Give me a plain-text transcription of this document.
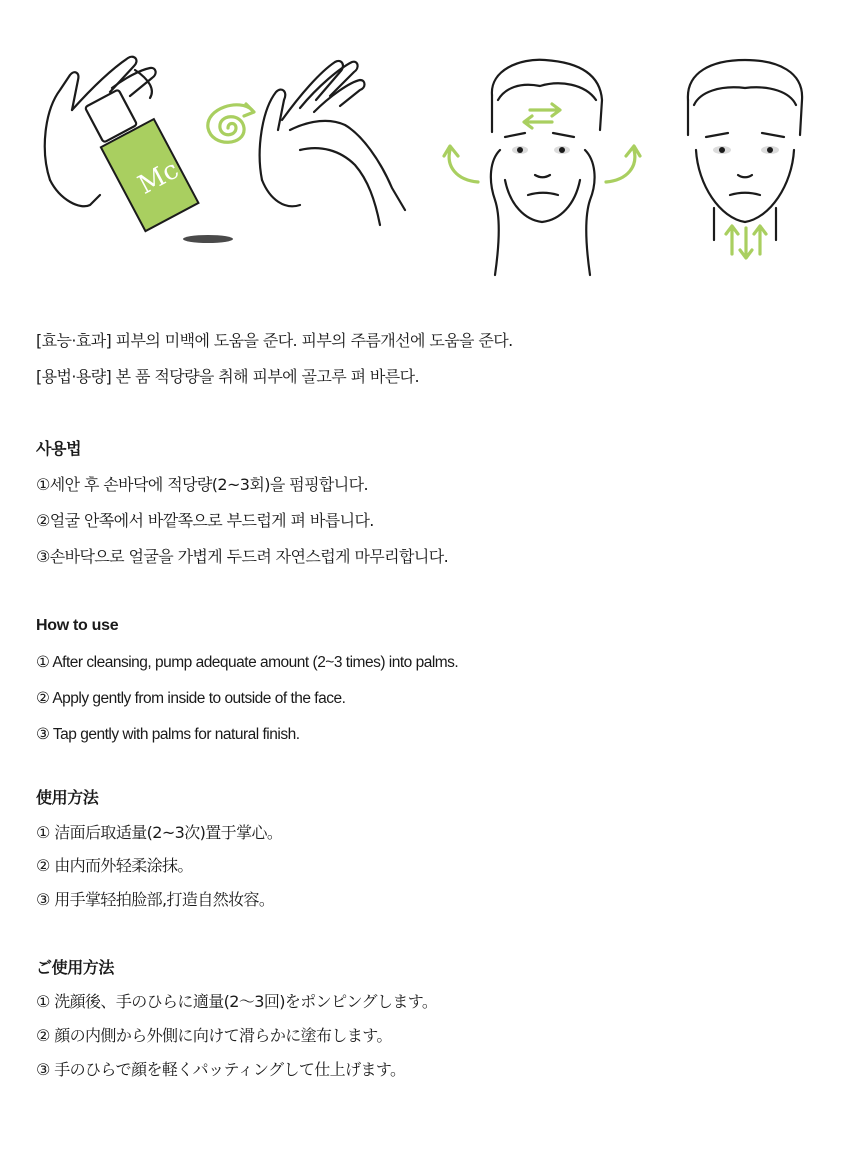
Mc
[효능·효과] 피부의 미백에 도움을 준다. 피부의 주름개선에 도움을 준다.
[용법·용량] 본 품 적당량을 취해 피부에 골고루 펴 바른다.
사용법
①세안 후 손바닥에 적당량(2~3회)을 펌핑합니다.
②얼굴 안쪽에서 바깥쪽으로 부드럽게 펴 바릅니다.
③손바닥으로 얼굴을 가볍게 두드려 자연스럽게 마무리합니다.
How to use
① After cleansing, pump adequate amount (2~3 times) into palms.
② Apply gently from inside to outside of the face.
③ Tap gently with palms for natural finish.
使用方法
① 洁面后取适量(2~3次)置于掌心。
② 由内而外轻柔涂抹。
③ 用手掌轻拍脸部,打造自然妆容。
ご使用方法
① 洗顔後、手のひらに適量(2〜3回)をポンピングします。
② 顔の内側から外側に向けて滑らかに塗布します。
③ 手のひらで顔を軽くパッティングして仕上げます。
